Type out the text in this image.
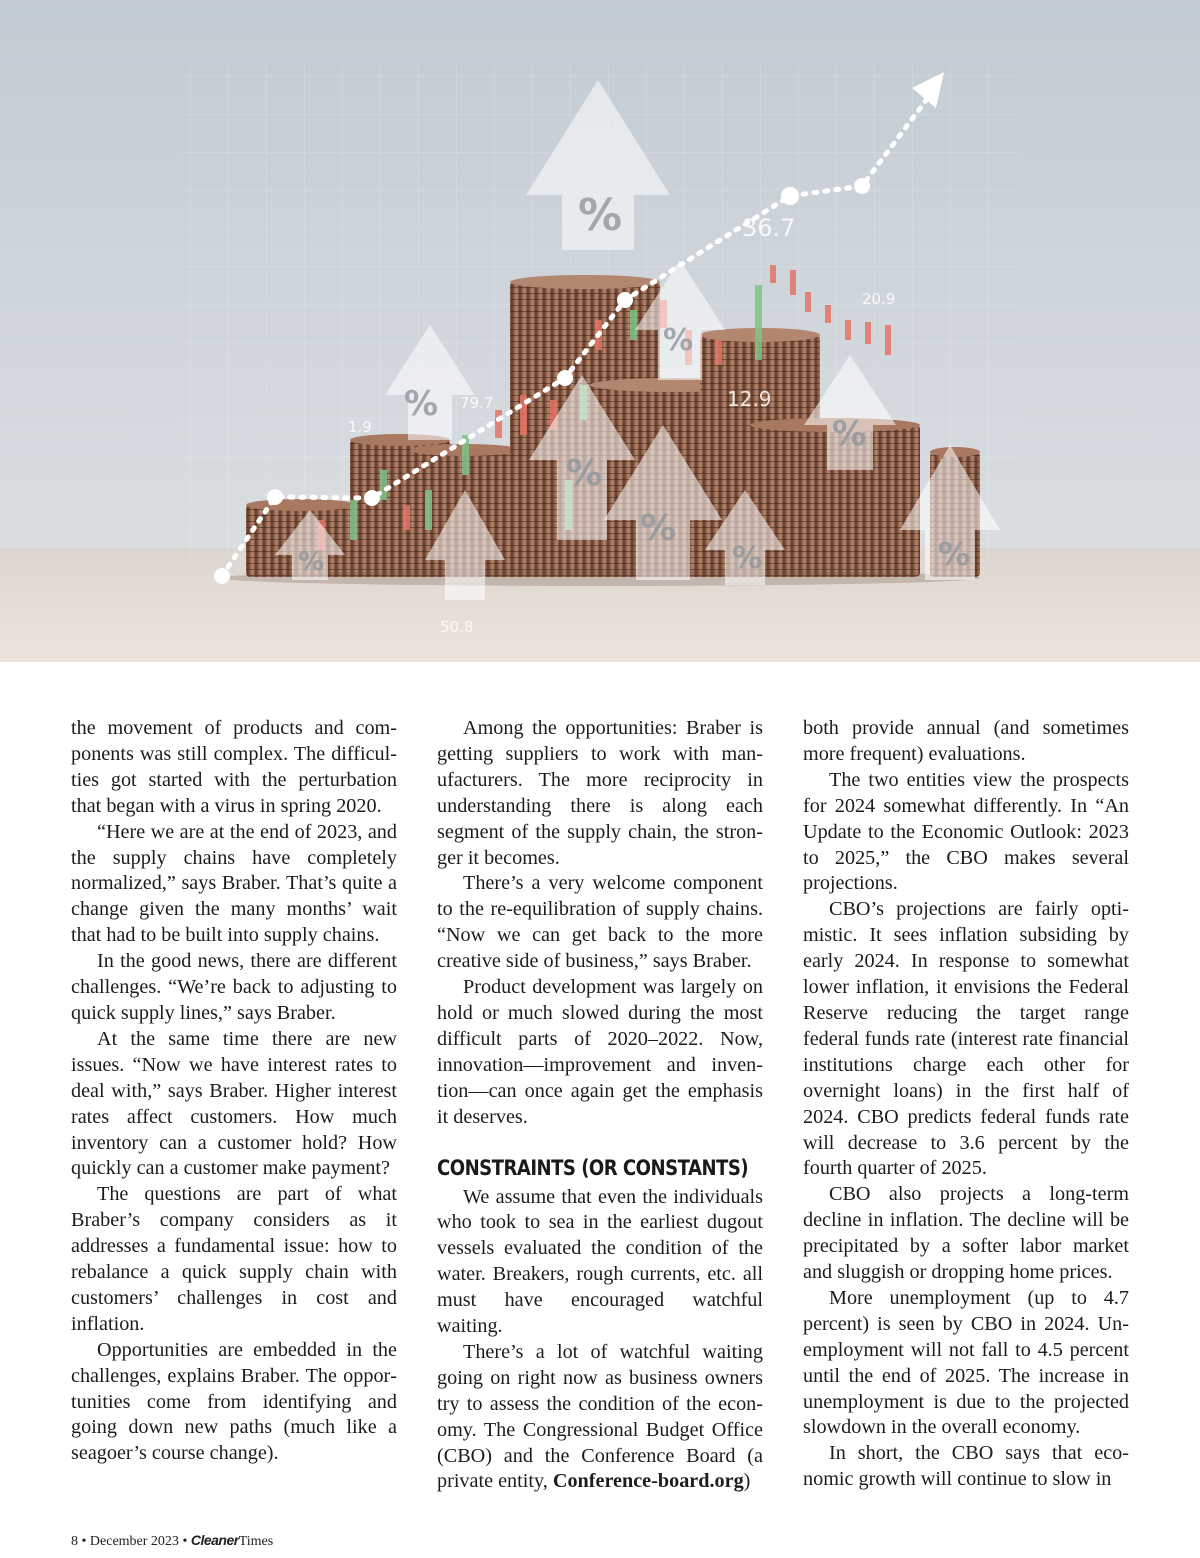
%
%
%
%
%
%
%	%
%
1.9
79.7
36.7
20.9
12.9
50.8

the movement of products and components was still complex. The difficulties got started with the perturbation that began with a virus in spring 2020.

“Here we are at the end of 2023, and the supply chains have completely normalized,” says Braber. That’s quite a change given the many months’ wait that had to be built into supply chains.

In the good news, there are different challenges. “We’re back to adjusting to quick supply lines,” says Braber.

At the same time there are new issues. “Now we have interest rates to deal with,” says Braber. Higher interest rates affect customers. How much inventory can a customer hold? How quickly can a customer make payment?

The questions are part of what Braber’s company considers as it addresses a fundamental issue: how to rebalance a quick supply chain with customers’ challenges in cost and inflation.

Opportunities are embedded in the challenges, explains Braber. The opportunities come from identifying and going down new paths (much like a seagoer’s course change).

Among the opportunities: Braber is getting suppliers to work with manufacturers. The more reciprocity in understanding there is along each segment of the supply chain, the stronger it becomes.

There’s a very welcome component to the re-equilibration of supply chains. “Now we can get back to the more creative side of business,” says Braber.

Product development was largely on hold or much slowed during the most difficult parts of 2020–2022. Now, innovation—improvement and invention—can once again get the emphasis it deserves.

CONSTRAINTS (OR CONSTANTS)

We assume that even the individuals who took to sea in the earliest dugout vessels evaluated the condition of the water. Breakers, rough currents, etc. all must have encouraged watchful waiting.

There’s a lot of watchful waiting going on right now as business owners try to assess the condition of the economy. The Congressional Budget Office (CBO) and the Conference Board (a private entity, Conference-board.org)

both provide annual (and sometimes more frequent) evaluations.

The two entities view the prospects for 2024 somewhat differently. In “An Update to the Economic Outlook: 2023 to 2025,” the CBO makes several projections.

CBO’s projections are fairly optimistic. It sees inflation subsiding by early 2024. In response to somewhat lower inflation, it envisions the Federal Reserve reducing the target range federal funds rate (interest rate financial institutions charge each other for overnight loans) in the first half of 2024. CBO predicts federal funds rate will decrease to 3.6 percent by the fourth quarter of 2025.

CBO also projects a long-term decline in inflation. The decline will be precipitated by a softer labor market and sluggish or dropping home prices.

More unemployment (up to 4.7 percent) is seen by CBO in 2024. Unemployment will not fall to 4.5 percent until the end of 2025. The increase in unemployment is due to the projected slowdown in the overall economy.

In short, the CBO says that economic growth will continue to slow in

8 • December 2023 • CleanerTimes
